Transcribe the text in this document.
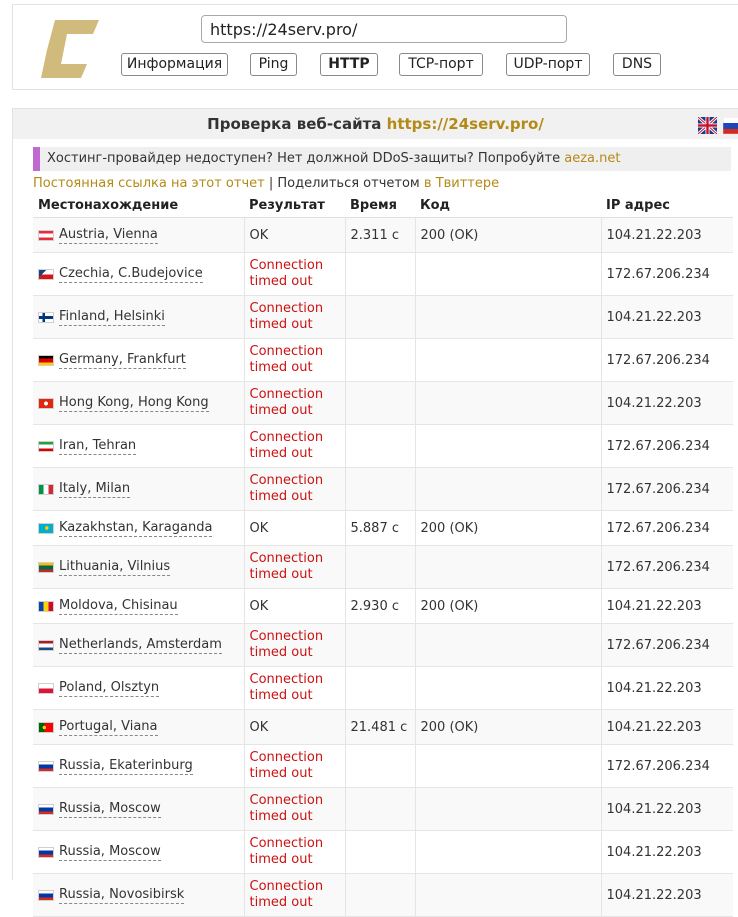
https://24serv.pro/
Информация	Ping	HTTP	TCP-порт	UDP-порт	DNS
Проверка веб-сайта https://24serv.pro/
Хостинг-провайдер недоступен? Нет должной DDoS-защиты? Попробуйте aeza.net
Постоянная ссылка на этот отчет | Поделиться отчетом в Твиттере
Местонахождение	Результат	Время	Код	IP адрес

Austria, Vienna	OK	2.311 с	200 (OK)	104.21.22.203

Czechia, C.Budejovice	Connection timed out			172.67.206.234

Finland, Helsinki	Connection timed out			104.21.22.203

Germany, Frankfurt	Connection timed out			172.67.206.234

Hong Kong, Hong Kong	Connection timed out			104.21.22.203

Iran, Tehran	Connection timed out			172.67.206.234

Italy, Milan	Connection timed out			172.67.206.234

Kazakhstan, Karaganda	OK	5.887 с	200 (OK)	172.67.206.234

Lithuania, Vilnius	Connection timed out			172.67.206.234

Moldova, Chisinau	OK	2.930 с	200 (OK)	104.21.22.203

Netherlands, Amsterdam	Connection timed out			172.67.206.234

Poland, Olsztyn	Connection timed out			104.21.22.203

Portugal, Viana	OK	21.481 с	200 (OK)	104.21.22.203

Russia, Ekaterinburg	Connection timed out			172.67.206.234

Russia, Moscow	Connection timed out			104.21.22.203

Russia, Moscow	Connection timed out			104.21.22.203

Russia, Novosibirsk	Connection timed out			104.21.22.203
